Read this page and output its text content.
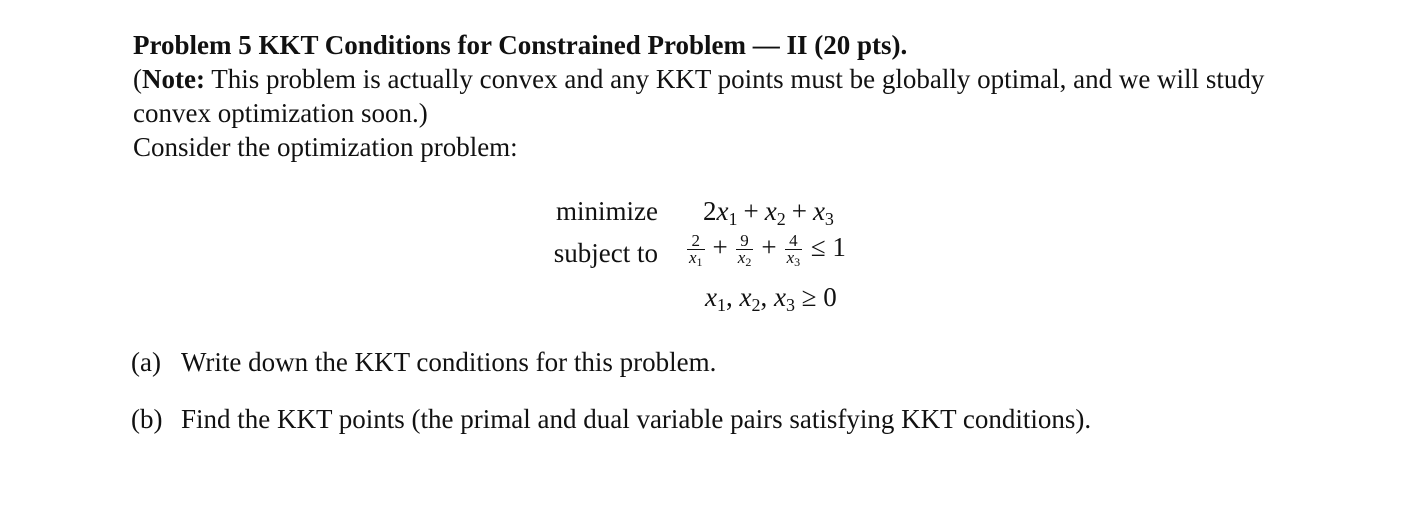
Problem 5 KKT Conditions for Constrained Problem — II (20 pts).

(Note: This problem is actually convex and any KKT points must be globally optimal, and we will study convex optimization soon.)

Consider the optimization problem:

minimize 2x1 + x2 + x3
subject to $\frac{2}{x1} + \frac{9}{x2} + \frac{4}{x3} \le 1$
x1, x2, x3 ≥ 0
(a) Write down the KKT conditions for this problem.
(b) Find the KKT points (the primal and dual variable pairs satisfying KKT conditions).
